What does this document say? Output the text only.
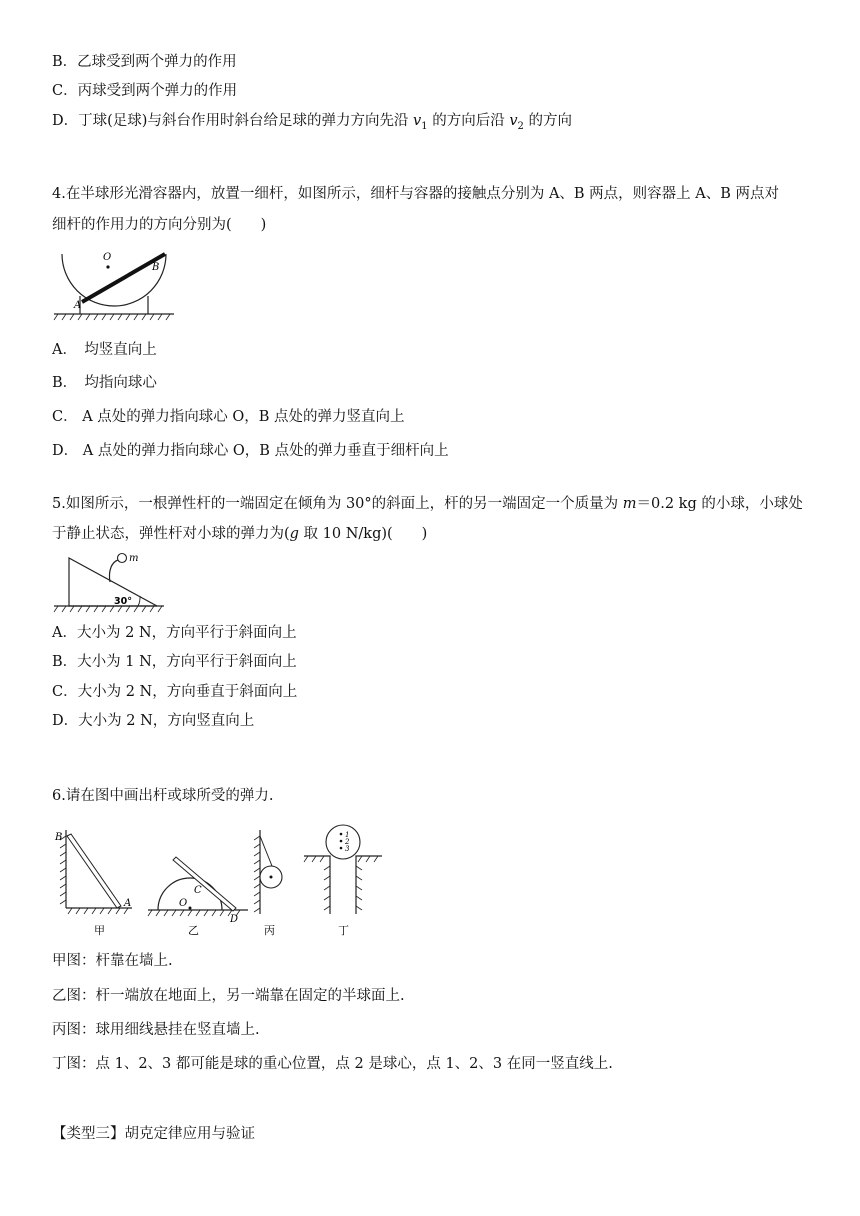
B．乙球受到两个弹力的作用
C．丙球受到两个弹力的作用
D．丁球(足球)与斜台作用时斜台给足球的弹力方向先沿 $v_1$ 的方向后沿 $v_2$ 的方向
4.在半球形光滑容器内，放置一细杆，如图所示，细杆与容器的接触点分别为 A、B 两点，则容器上 A、B 两点对
细杆的作用力的方向分别为(　　)
O
A
B
A．　均竖直向上
B．　均指向球心
C． A 点处的弹力指向球心 O，B 点处的弹力竖直向上
D． A 点处的弹力指向球心 O，B 点处的弹力垂直于细杆向上
5.如图所示，一根弹性杆的一端固定在倾角为 30°的斜面上，杆的另一端固定一个质量为 m＝0.2 kg 的小球，小球处
于静止状态，弹性杆对小球的弹力为(g 取 10 N/kg)(　　)
m
30°
A．大小为 2 N，方向平行于斜面向上
B．大小为 1 N，方向平行于斜面向上
C．大小为 2 N，方向垂直于斜面向上
D．大小为 2 N，方向竖直向上
6.请在图中画出杆或球所受的弹力.
B
A
甲
O
C
D
乙	丙
1
2
3
丁
甲图：杆靠在墙上.
乙图：杆一端放在地面上，另一端靠在固定的半球面上.
丙图：球用细线悬挂在竖直墙上.
丁图：点 1、2、3 都可能是球的重心位置，点 2 是球心，点 1、2、3 在同一竖直线上.
【类型三】胡克定律应用与验证
